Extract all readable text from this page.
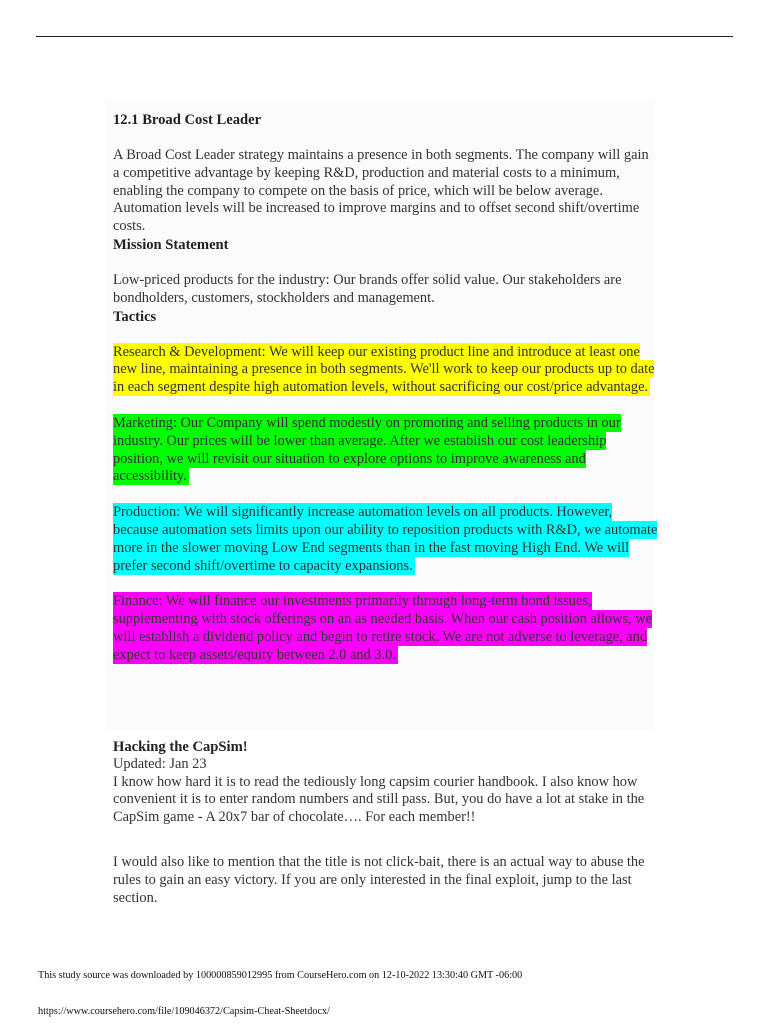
12.1 Broad Cost Leader

A Broad Cost Leader strategy maintains a presence in both segments. The company will gain a competitive advantage by keeping R&D, production and material costs to a minimum, enabling the company to compete on the basis of price, which will be below average. Automation levels will be increased to improve margins and to offset second shift/overtime costs.

Mission Statement

Low-priced products for the industry: Our brands offer solid value. Our stakeholders are bondholders, customers, stockholders and management.

Tactics

Research & Development: We will keep our existing product line and introduce at least one new line, maintaining a presence in both segments. We'll work to keep our products up to date in each segment despite high automation levels, without sacrificing our cost/price advantage.

Marketing: Our Company will spend modestly on promoting and selling products in our industry. Our prices will be lower than average. After we establish our cost leadership position, we will revisit our situation to explore options to improve awareness and accessibility.

Production: We will significantly increase automation levels on all products. However, because automation sets limits upon our ability to reposition products with R&D, we automate more in the slower moving Low End segments than in the fast moving High End. We will prefer second shift/overtime to capacity expansions.

Finance: We will finance our investments primarily through long-term bond issues, supplementing with stock offerings on an as needed basis. When our cash position allows, we will establish a dividend policy and begin to retire stock. We are not adverse to leverage, and expect to keep assets/equity between 2.0 and 3.0.

Hacking the CapSim!

Updated: Jan 23

I know how hard it is to read the tediously long capsim courier handbook. I also know how convenient it is to enter random numbers and still pass. But, you do have a lot at stake in the CapSim game - A 20x7 bar of chocolate…. For each member!!

I would also like to mention that the title is not click-bait, there is an actual way to abuse the rules to gain an easy victory. If you are only interested in the final exploit, jump to the last section.

This study source was downloaded by 100000859012995 from CourseHero.com on 12-10-2022 13:30:40 GMT -06:00
https://www.coursehero.com/file/109046372/Capsim-Cheat-Sheetdocx/
